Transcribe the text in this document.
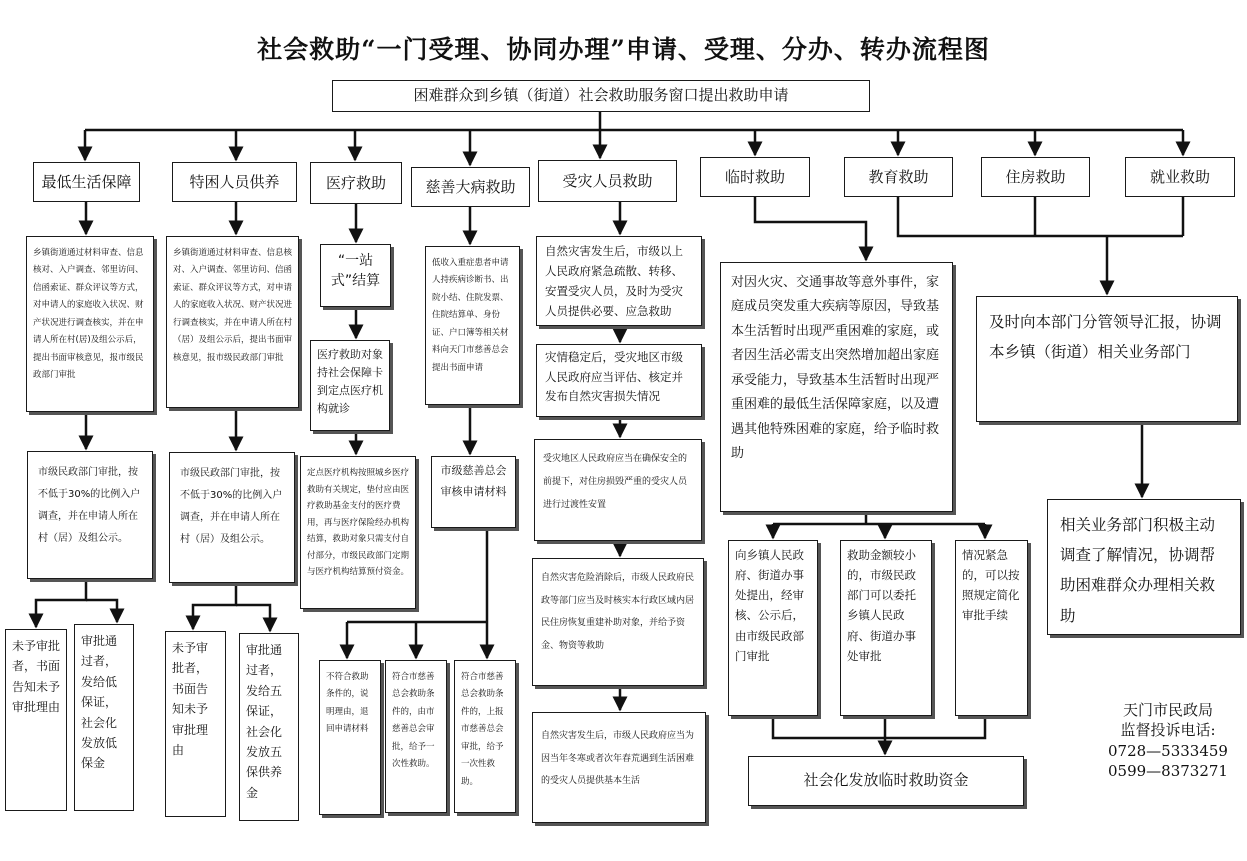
社会救助“一门受理、协同办理”申请、受理、分办、转办流程图
困难群众到乡镇（街道）社会救助服务窗口提出救助申请
最低生活保障	特困人员供养	医疗救助	慈善大病救助	受灾人员救助	临时救助	教育救助	住房救助	就业救助
乡镇街道通过材料审查、信息核对、入户调查、邻里访问、信函索证、群众评议等方式，对申请人的家庭收入状况、财产状况进行调查核实，并在申请人所在村(居)及组公示后，提出书面审核意见，报市级民政部门审批
市级民政部门审批，按不低于30%的比例入户调查，并在申请人所在村（居）及组公示。
未予审批者，书面告知未予审批理由
审批通过者，发给低保证，社会化发放低保金
乡镇街道通过材料审查、信息核对、入户调查、邻里访问、信函索证、群众评议等方式，对申请人的家庭收入状况、财产状况进行调查核实，并在申请人所在村（居）及组公示后，提出书面审核意见，报市级民政部门审批
市级民政部门审批，按不低于30%的比例入户调查，并在申请人所在村（居）及组公示。
未予审批者，书面告知未予审批理由
审批通过者，发给五保证，社会化发放五保供养金
“一站式”结算
医疗救助对象持社会保障卡到定点医疗机构就诊
定点医疗机构按照城乡医疗救助有关规定，垫付应由医疗救助基金支付的医疗费用，再与医疗保险经办机构结算，救助对象只需支付自付部分，市级民政部门定期与医疗机构结算预付资金。
低收入重症患者申请人持疾病诊断书、出院小结、住院发票、住院结算单、身份证、户口簿等相关材料向天门市慈善总会提出书面申请
市级慈善总会审核申请材料
不符合救助条件的，说明理由，退回申请材料
符合市慈善总会救助条件的，由市慈善总会审批，给予一次性救助。
符合市慈善总会救助条件的，上报市慈善总会审批，给予一次性救助。
自然灾害发生后，市级以上人民政府紧急疏散、转移、安置受灾人员，及时为受灾人员提供必要、应急救助
灾情稳定后，受灾地区市级人民政府应当评估、核定并发布自然灾害损失情况
受灾地区人民政府应当在确保安全的前提下，对住房损毁严重的受灾人员进行过渡性安置
自然灾害危险消除后，市级人民政府民政等部门应当及时核实本行政区域内居民住房恢复重建补助对象，并给予资金、物资等救助
自然灾害发生后，市级人民政府应当为因当年冬寒或者次年春荒遇到生活困难的受灾人员提供基本生活
对因火灾、交通事故等意外事件，家庭成员突发重大疾病等原因，导致基本生活暂时出现严重困难的家庭，或者因生活必需支出突然增加超出家庭承受能力，导致基本生活暂时出现严重困难的最低生活保障家庭，以及遭遇其他特殊困难的家庭，给予临时救助
向乡镇人民政府、街道办事处提出，经审核、公示后，由市级民政部门审批
救助金额较小的，市级民政部门可以委托乡镇人民政府、街道办事处审批
情况紧急的，可以按照规定简化审批手续
社会化发放临时救助资金
及时向本部门分管领导汇报，协调本乡镇（街道）相关业务部门
相关业务部门积极主动调查了解情况，协调帮助困难群众办理相关救助
天门市民政局
监督投诉电话:
0728—5333459
0599—8373271
